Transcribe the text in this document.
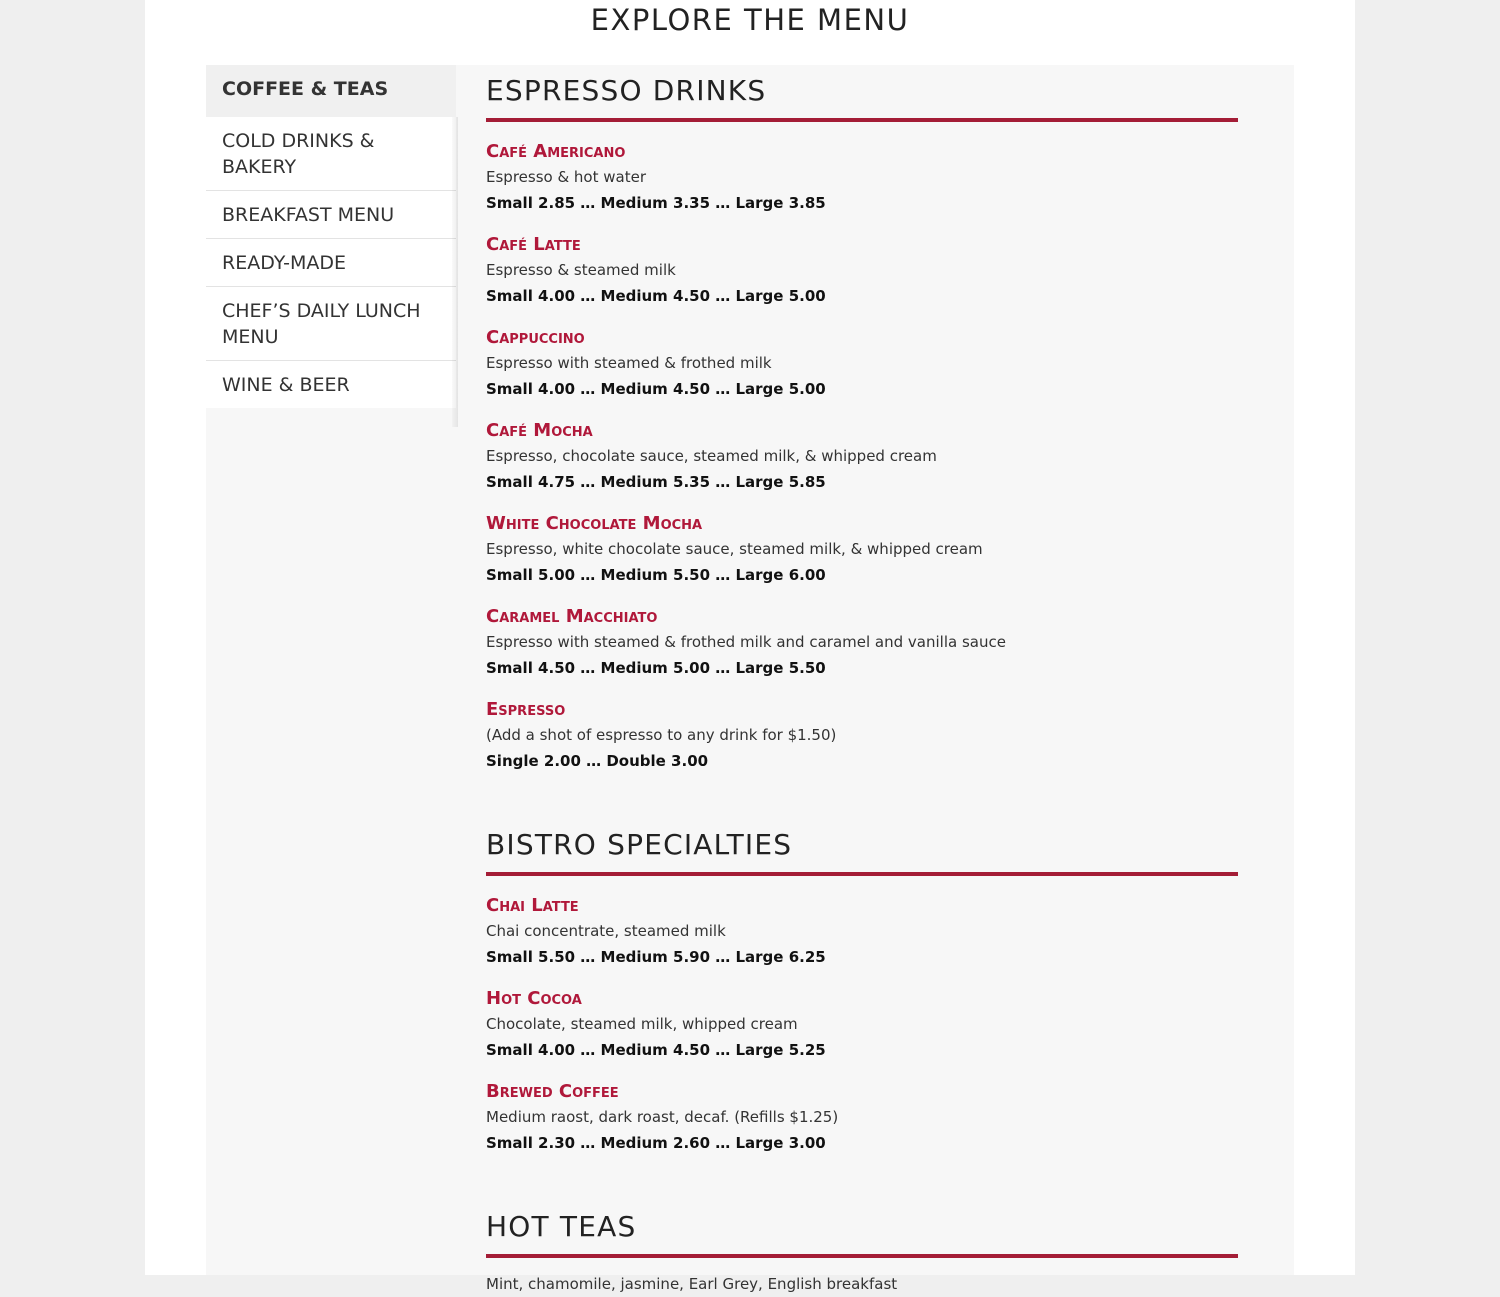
EXPLORE THE MENU
COFFEE & TEAS
COLD DRINKS & BAKERY
BREAKFAST MENU
READY-MADE
CHEF’S DAILY LUNCH MENU
WINE & BEER
ESPRESSO DRINKS

Café Americano

Espresso & hot water

Small 2.85 … Medium 3.35 … Large 3.85

Café Latte

Espresso & steamed milk

Small 4.00 … Medium 4.50 … Large 5.00

Cappuccino

Espresso with steamed & frothed milk

Small 4.00 … Medium 4.50 … Large 5.00

Café Mocha

Espresso, chocolate sauce, steamed milk, & whipped cream

Small 4.75 … Medium 5.35 … Large 5.85

White Chocolate Mocha

Espresso, white chocolate sauce, steamed milk, & whipped cream

Small 5.00 … Medium 5.50 … Large 6.00

Caramel Macchiato

Espresso with steamed & frothed milk and caramel and vanilla sauce

Small 4.50 … Medium 5.00 … Large 5.50

Espresso

(Add a shot of espresso to any drink for $1.50)

Single 2.00 … Double 3.00

BISTRO SPECIALTIES

Chai Latte

Chai concentrate, steamed milk

Small 5.50 … Medium 5.90 … Large 6.25

Hot Cocoa

Chocolate, steamed milk, whipped cream

Small 4.00 … Medium 4.50 … Large 5.25

Brewed Coffee

Medium raost, dark roast, decaf. (Refills $1.25)

Small 2.30 … Medium 2.60 … Large 3.00

HOT TEAS

Mint, chamomile, jasmine, Earl Grey, English breakfast
